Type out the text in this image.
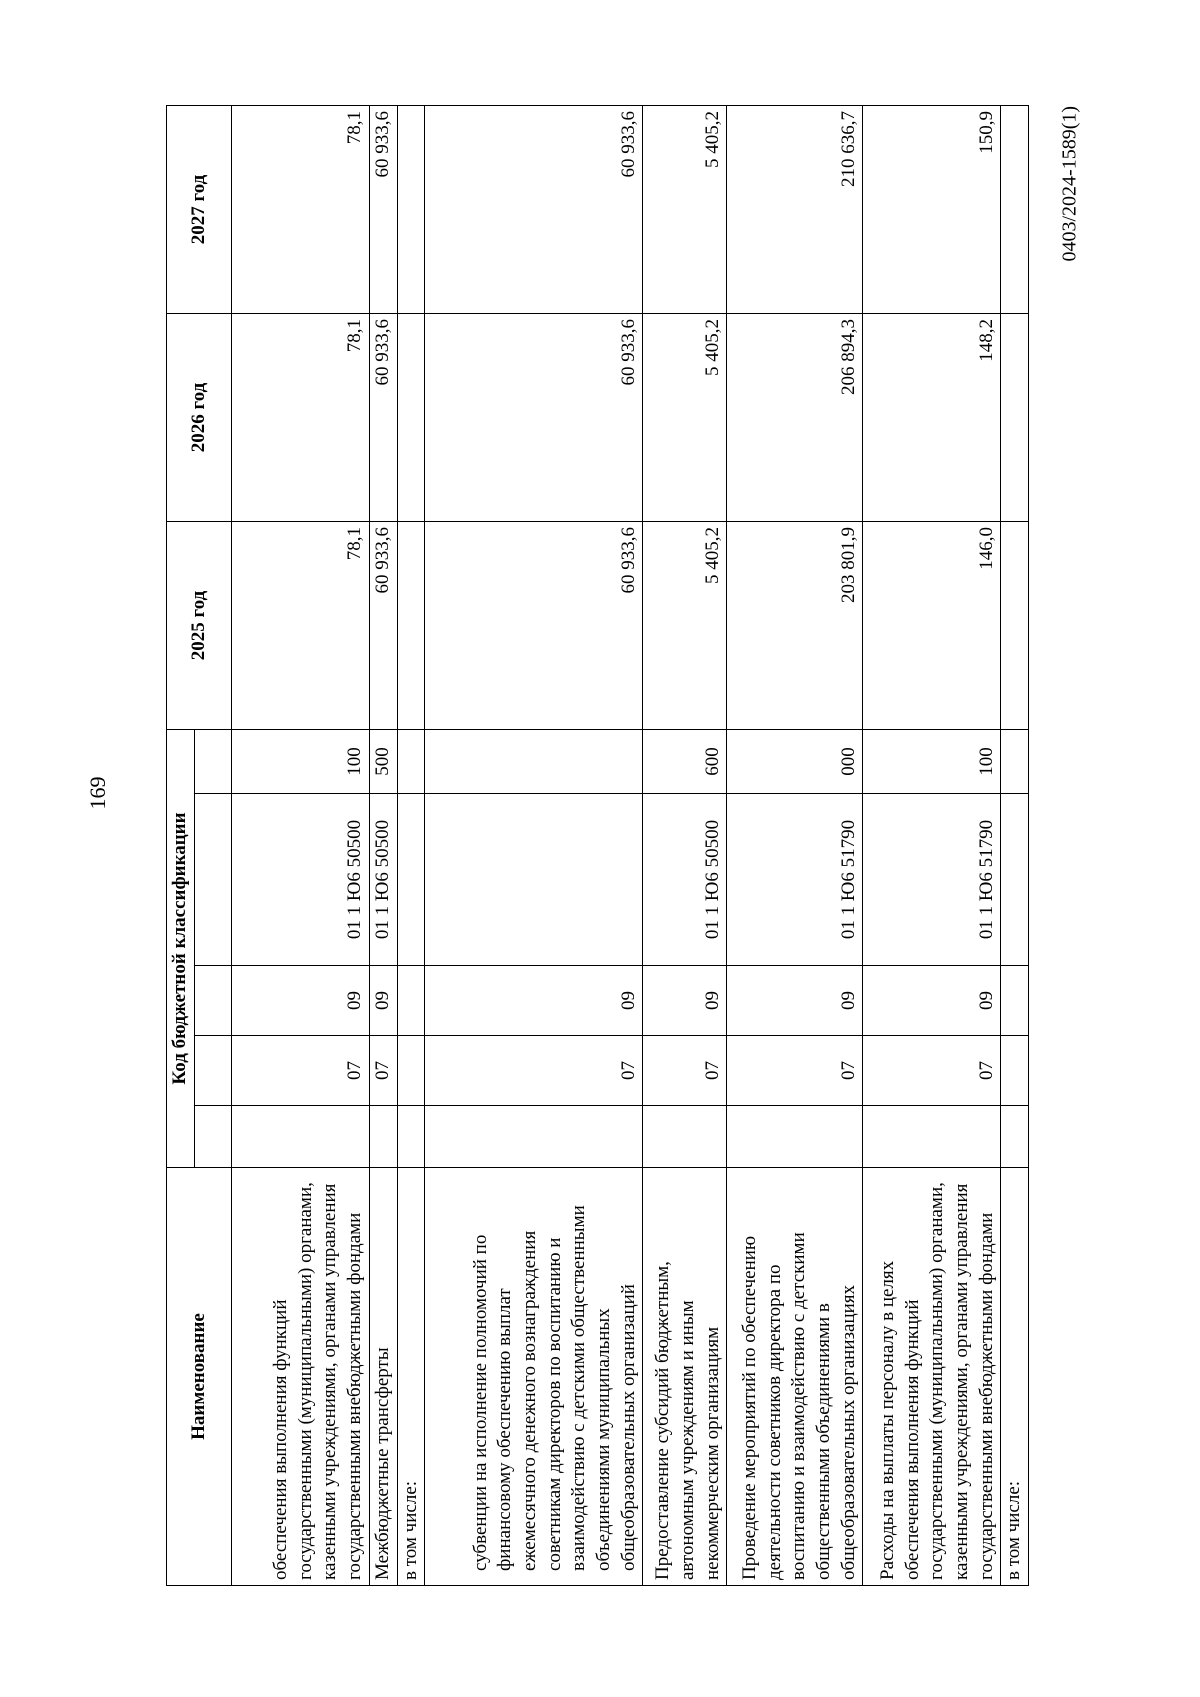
169
0403/2024-1589(1)
Наименование	Код бюджетной классификации					2025 год	2026 год	2027 год

обеспечения выполнения функций государственными (муниципальными) органами, казенными учреждениями, органами управления государственными внебюджетными фондами		07	09	01 1 Ю6 50500	100	78,1	78,1	78,1
Межбюджетные трансферты		07	09	01 1 Ю6 50500	500	60 933,6	60 933,6	60 933,6
в том числе:								
субвенции на исполнение полномочий по финансовому обеспечению выплат ежемесячного денежного вознаграждения советникам директоров по воспитанию и взаимодействию с детскими общественными объединениями муниципальных общеобразовательных организаций		07	09			60 933,6	60 933,6	60 933,6
Предоставление субсидий бюджетным, автономным учреждениям и иным некоммерческим организациям		07	09	01 1 Ю6 50500	600	5 405,2	5 405,2	5 405,2
Проведение мероприятий по обеспечению деятельности советников директора по воспитанию и взаимодействию с детскими общественными объединениями в общеобразовательных организациях		07	09	01 1 Ю6 51790	000	203 801,9	206 894,3	210 636,7
Расходы на выплаты персоналу в целях обеспечения выполнения функций государственными (муниципальными) органами, казенными учреждениями, органами управления государственными внебюджетными фондами		07	09	01 1 Ю6 51790	100	146,0	148,2	150,9
в том числе:								
